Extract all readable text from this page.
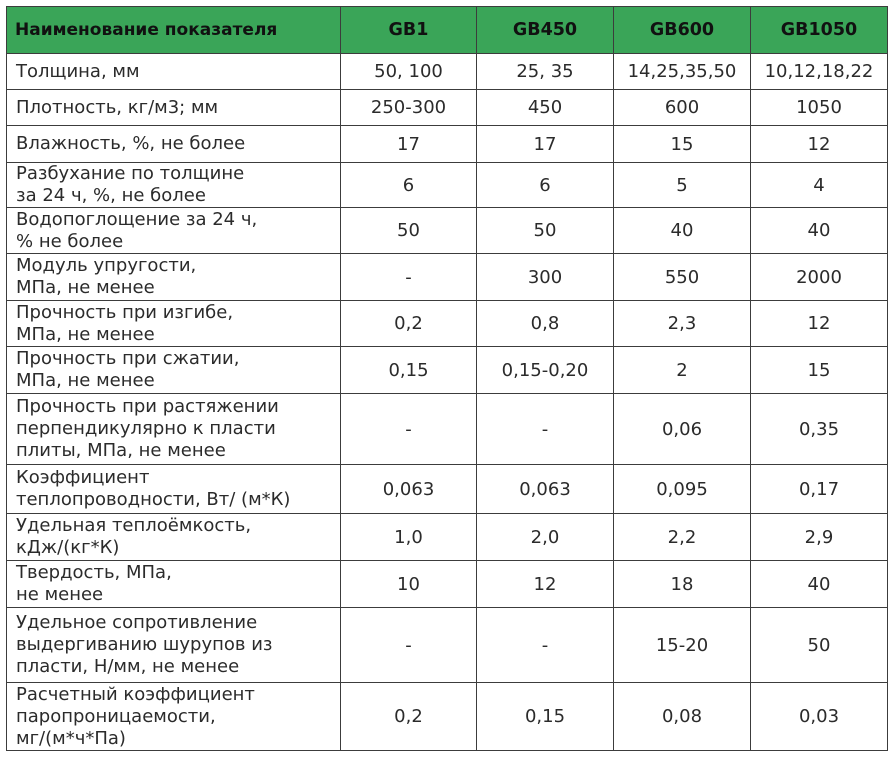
Наименование показателя	GB1	GB450	GB600	GB1050
Толщина, мм	50, 100	25, 35	14,25,35,50	10,12,18,22
Плотность, кг/м3; мм	250-300	450	600	1050
Влажность, %, не более	17	17	15	12
Разбухание по толщине
за 24 ч, %, не более	6	6	5	4
Водопоглощение за 24 ч,
% не более	50	50	40	40
Модуль упругости,
МПа, не менее	-	300	550	2000
Прочность при изгибе,
МПа, не менее	0,2	0,8	2,3	12
Прочность при сжатии,
МПа, не менее	0,15	0,15-0,20	2	15
Прочность при растяжении
перпендикулярно к пласти
плиты, МПа, не менее	-	-	0,06	0,35
Коэффициент
теплопроводности, Вт/ (м*К)	0,063	0,063	0,095	0,17
Удельная теплоёмкость,
кДж/(кг*К)	1,0	2,0	2,2	2,9
Твердость, МПа,
не менее	10	12	18	40
Удельное сопротивление
выдергиванию шурупов из
пласти, Н/мм, не менее	-	-	15-20	50
Расчетный коэффициент
паропроницаемости,
мг/(м*ч*Па)	0,2	0,15	0,08	0,03
